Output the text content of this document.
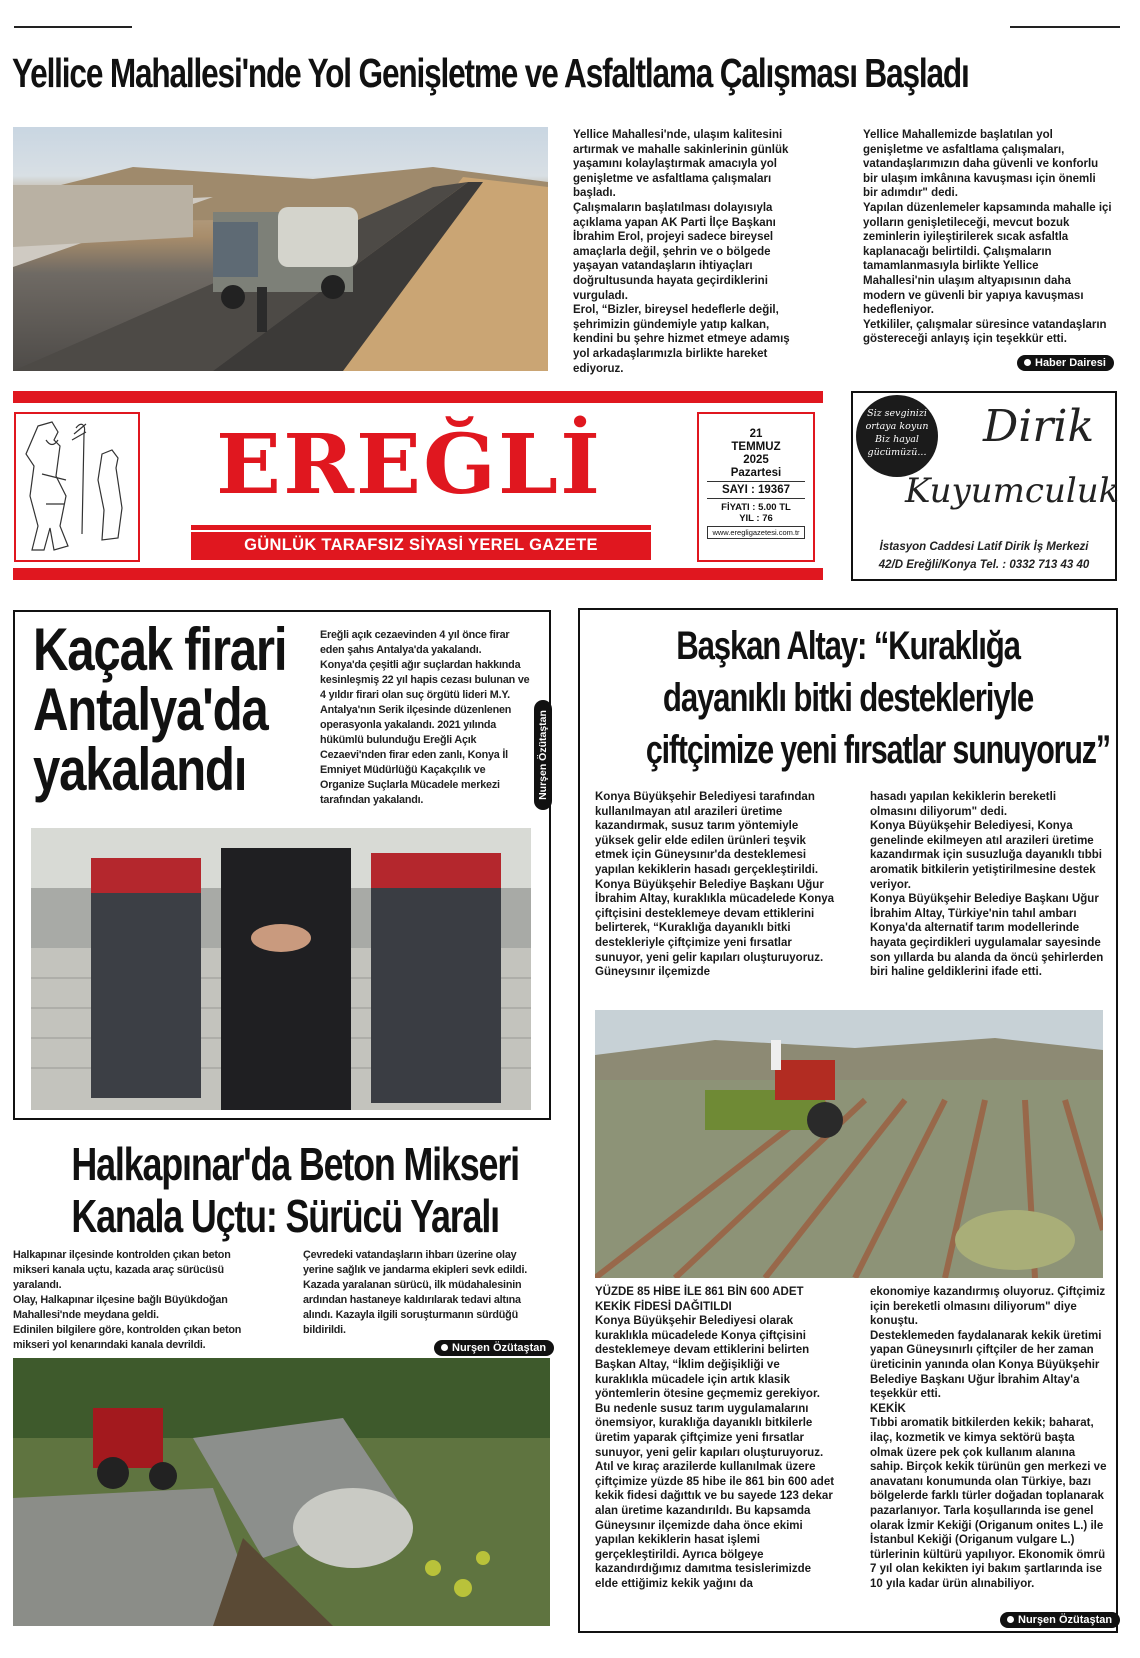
Yellice Mahallesi'nde Yol Genişletme ve Asfaltlama Çalışması Başladı

Yellice Mahallesi'nde, ulaşım kalitesini artırmak ve mahalle sakinlerinin günlük yaşamını kolaylaştırmak amacıyla yol genişletme ve asfaltlama çalışmaları başladı.

Çalışmaların başlatılması dolayısıyla açıklama yapan AK Parti İlçe Başkanı İbrahim Erol, projeyi sadece bireysel amaçlarla değil, şehrin ve o bölgede yaşayan vatandaşların ihtiyaçları doğrultusunda hayata geçirdiklerini vurguladı.

Erol, “Bizler, bireysel hedeflerle değil, şehrimizin gündemiyle yatıp kalkan, kendini bu şehre hizmet etmeye adamış yol arkadaşlarımızla birlikte hareket ediyoruz.

Yellice Mahallemizde başlatılan yol genişletme ve asfaltlama çalışmaları, vatandaşlarımızın daha güvenli ve konforlu bir ulaşım imkânına kavuşması için önemli bir adımdır" dedi.

Yapılan düzenlemeler kapsamında mahalle içi yolların genişletileceği, mevcut bozuk zeminlerin iyileştirilerek sıcak asfaltla kaplanacağı belirtildi. Çalışmaların tamamlanmasıyla birlikte Yellice Mahallesi'nin ulaşım altyapısının daha modern ve güvenli bir yapıya kavuşması hedefleniyor.

Yetkililer, çalışmalar süresince vatandaşların göstereceği anlayış için teşekkür etti.

Haber Dairesi
EREĞLİ
GÜNLÜK TARAFSIZ SİYASİ YEREL GAZETE
21
TEMMUZ
2025
Pazartesi
SAYI : 19367
FİYATI : 5.00 TL
YIL : 76
www.eregligazetesi.com.tr
Siz sevginizi
ortaya koyun
Biz hayal
gücümüzü...
Dirik
Kuyumculuk
İstasyon Caddesi Latif Dirik İş Merkezi
42/D Ereğli/Konya Tel. : 0332 713 43 40
Kaçak firari
Antalya'da
yakalandı
Ereğli açık cezaevinden 4 yıl önce firar eden şahıs Antalya'da yakalandı. Konya'da çeşitli ağır suçlardan hakkında kesinleşmiş 22 yıl hapis cezası bulunan ve 4 yıldır firari olan suç örgütü lideri M.Y. Antalya'nın Serik ilçesinde düzenlenen operasyonla yakalandı. 2021 yılında hükümlü bulunduğu Ereğli Açık Cezaevi'nden firar eden zanlı, Konya İl Emniyet Müdürlüğü Kaçakçılık ve Organize Suçlarla Mücadele merkezi tarafından yakalandı.
Nurşen Özütaştan
Başkan Altay: “Kuraklığa
dayanıklı bitki destekleriyle
çiftçimize yeni fırsatlar sunuyoruz”
Konya Büyükşehir Belediyesi tarafından kullanılmayan atıl arazileri üretime kazandırmak, susuz tarım yöntemiyle yüksek gelir elde edilen ürünleri teşvik etmek için Güneysınır'da desteklemesi yapılan kekiklerin hasadı gerçekleştirildi. Konya Büyükşehir Belediye Başkanı Uğur İbrahim Altay, kuraklıkla mücadelede Konya çiftçisini desteklemeye devam ettiklerini belirterek, “Kuraklığa dayanıklı bitki destekleriyle çiftçimize yeni fırsatlar sunuyor, yeni gelir kapıları oluşturuyoruz. Güneysınır ilçemizde

hasadı yapılan kekiklerin bereketli olmasını diliyorum" dedi.

Konya Büyükşehir Belediyesi, Konya genelinde ekilmeyen atıl arazileri üretime kazandırmak için susuzluğa dayanıklı tıbbi aromatik bitkilerin yetiştirilmesine destek veriyor.

Konya Büyükşehir Belediye Başkanı Uğur İbrahim Altay, Türkiye'nin tahıl ambarı Konya'da alternatif tarım modellerinde hayata geçirdikleri uygulamalar sayesinde son yıllarda bu alanda da öncü şehirlerden biri haline geldiklerini ifade etti.

YÜZDE 85 HİBE İLE 861 BİN 600 ADET KEKİK FİDESİ DAĞITILDI

Konya Büyükşehir Belediyesi olarak kuraklıkla mücadelede Konya çiftçisini desteklemeye devam ettiklerini belirten Başkan Altay, “İklim değişikliği ve kuraklıkla mücadele için artık klasik yöntemlerin ötesine geçmemiz gerekiyor. Bu nedenle susuz tarım uygulamalarını önemsiyor, kuraklığa dayanıklı bitkilerle üretim yaparak çiftçimize yeni fırsatlar sunuyor, yeni gelir kapıları oluşturuyoruz. Atıl ve kıraç arazilerde kullanılmak üzere çiftçimize yüzde 85 hibe ile 861 bin 600 adet kekik fidesi dağıttık ve bu sayede 123 dekar alan üretime kazandırıldı. Bu kapsamda Güneysınır ilçemizde daha önce ekimi yapılan kekiklerin hasat işlemi gerçekleştirildi. Ayrıca bölgeye kazandırdığımız damıtma tesislerimizde elde ettiğimiz kekik yağını da

ekonomiye kazandırmış oluyoruz. Çiftçimiz için bereketli olmasını diliyorum" diye konuştu.

Desteklemeden faydalanarak kekik üretimi yapan Güneysınırlı çiftçiler de her zaman üreticinin yanında olan Konya Büyükşehir Belediye Başkanı Uğur İbrahim Altay'a teşekkür etti.

KEKİK

Tıbbi aromatik bitkilerden kekik; baharat, ilaç, kozmetik ve kimya sektörü başta olmak üzere pek çok kullanım alanına sahip. Birçok kekik türünün gen merkezi ve anavatanı konumunda olan Türkiye, bazı bölgelerde farklı türler doğadan toplanarak pazarlanıyor. Tarla koşullarında ise genel olarak İzmir Kekiği (Origanum onites L.) ile İstanbul Kekiği (Origanum vulgare L.) türlerinin kültürü yapılıyor. Ekonomik ömrü 7 yıl olan kekikten iyi bakım şartlarında ise 10 yıla kadar ürün alınabiliyor.

Nurşen Özütaştan
Halkapınar'da Beton Mikseri
Kanala Uçtu: Sürücü Yaralı

Halkapınar ilçesinde kontrolden çıkan beton mikseri kanala uçtu, kazada araç sürücüsü yaralandı.

Olay, Halkapınar ilçesine bağlı Büyükdoğan Mahallesi'nde meydana geldi.

Edinilen bilgilere göre, kontrolden çıkan beton mikseri yol kenarındaki kanala devrildi.

Çevredeki vatandaşların ihbarı üzerine olay yerine sağlık ve jandarma ekipleri sevk edildi. Kazada yaralanan sürücü, ilk müdahalesinin ardından hastaneye kaldırılarak tedavi altına alındı. Kazayla ilgili soruşturmanın sürdüğü bildirildi.
Nurşen Özütaştan
